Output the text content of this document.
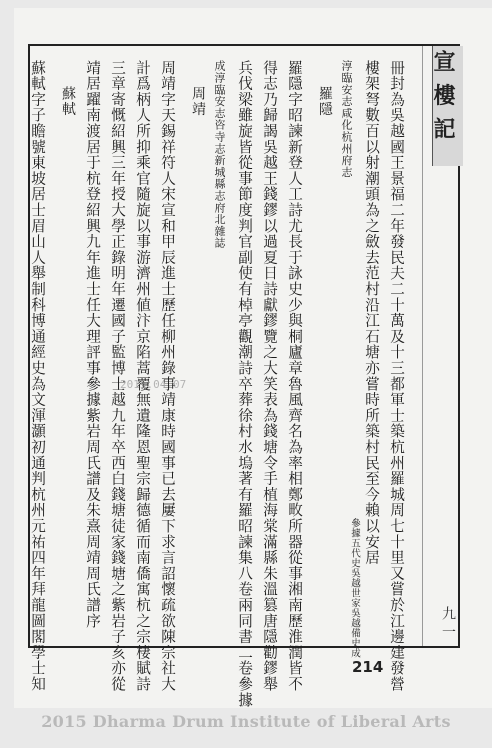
宣 樓 記
九 一
冊封為吳越國王景福二年發民夫二十萬及十三都軍士築杭州羅城周七十里又嘗於江邊建發營
樓架弩數百以射潮頭為之斂去范村沿江石塘亦嘗時所築村民至今賴以安居
參據五代史吳越世家吳越備史成
淳臨安志咸化杭州府志
羅隱
羅隱字昭諫新登人工詩尤長于詠史少與桐廬章魯風齊名為率相鄭畋所器從事湘南歷淮潤皆不
得志乃歸謁吳越王錢鏐以過夏日詩獻鏐覽之大笑表為錢塘令手植海棠滿縣朱溫篡唐隱勸鏐舉
兵伐梁雖旋皆從事節度判官副使有棹亭觀潮詩卒葬徐村水塢著有羅昭諫集八卷兩同書二卷參據
成淳臨安志咨寺志新城縣志府北雜誌
周靖
周靖字天錫祥符人宋宣和甲辰進士歷任柳州錄事靖康時國事已去屢下求言詔懷疏欲陳宗社大
計爲柄人所抑乘官隨旋以事游濟州値汴京陷蒿覆無遺隆恩聖宗歸德循而南僑寓杭之宗棲賦詩
三章寄慨紹興三年授大學正錄明年遷國子監博士越九年卒西白錢塘徒家錢塘之紫岩子亥亦從
靖居躍南渡居于杭登紹興九年進士任大理評事參據紫岩周氏譜及朱熹周靖周氏譜序
蘇軾
蘇軾字子瞻號東坡居士眉山人舉制科博通經史為文渾灝初通判杭州元祐四年拜龍圖閣學士知	214
2015.04.07
2015 Dharma Drum Institute of Liberal Arts
